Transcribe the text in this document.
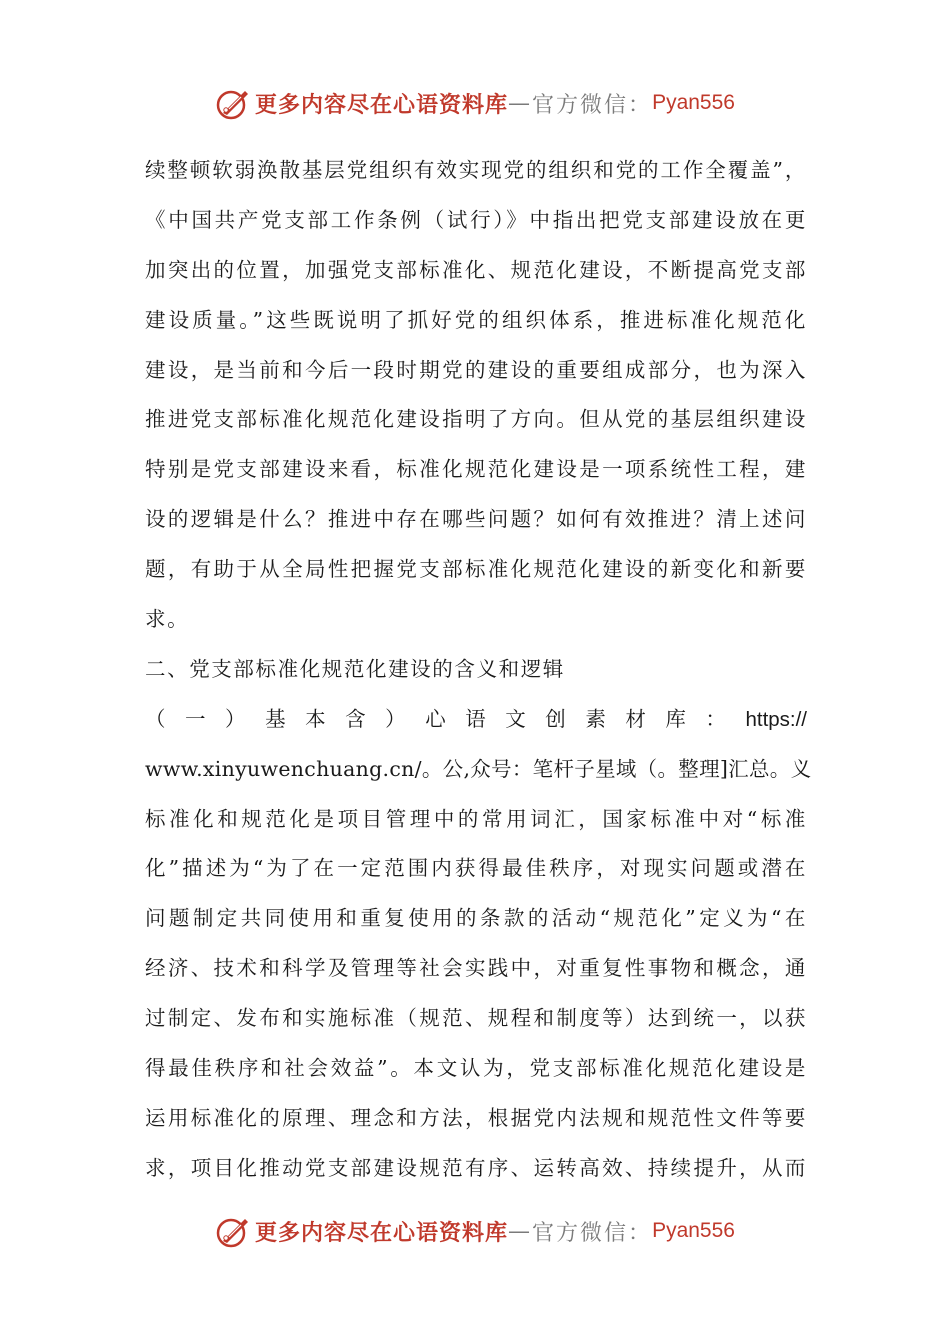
更多内容尽在心语资料库 — 官方微信： Pyan556
续整顿软弱涣散基层党组织有效实现党的组织和党的工作全覆盖”，
《中国共产党支部工作条例（试行）》中指出把党支部建设放在更
加突出的位置，加强党支部标准化、规范化建设，不断提高党支部
建设质量。”这些既说明了抓好党的组织体系，推进标准化规范化
建设，是当前和今后一段时期党的建设的重要组成部分，也为深入
推进党支部标准化规范化建设指明了方向。但从党的基层组织建设
特别是党支部建设来看，标准化规范化建设是一项系统性工程，建
设的逻辑是什么？推进中存在哪些问题？如何有效推进？清上述问
题，有助于从全局性把握党支部标准化规范化建设的新变化和新要
求。
二、党支部标准化规范化建设的含义和逻辑
（一）基本含）心语文创素材库：https://
www.xinyuwenchuang.cn/。公,众号：笔杆子星域（。整理]汇总。义
标准化和规范化是项目管理中的常用词汇，国家标准中对“标准
化”描述为“为了在一定范围内获得最佳秩序，对现实问题或潜在
问题制定共同使用和重复使用的条款的活动“规范化”定义为“在
经济、技术和科学及管理等社会实践中，对重复性事物和概念，通
过制定、发布和实施标准（规范、规程和制度等）达到统一，以获
得最佳秩序和社会效益”。本文认为，党支部标准化规范化建设是
运用标准化的原理、理念和方法，根据党内法规和规范性文件等要
求，项目化推动党支部建设规范有序、运转高效、持续提升，从而
更多内容尽在心语资料库 — 官方微信： Pyan556
